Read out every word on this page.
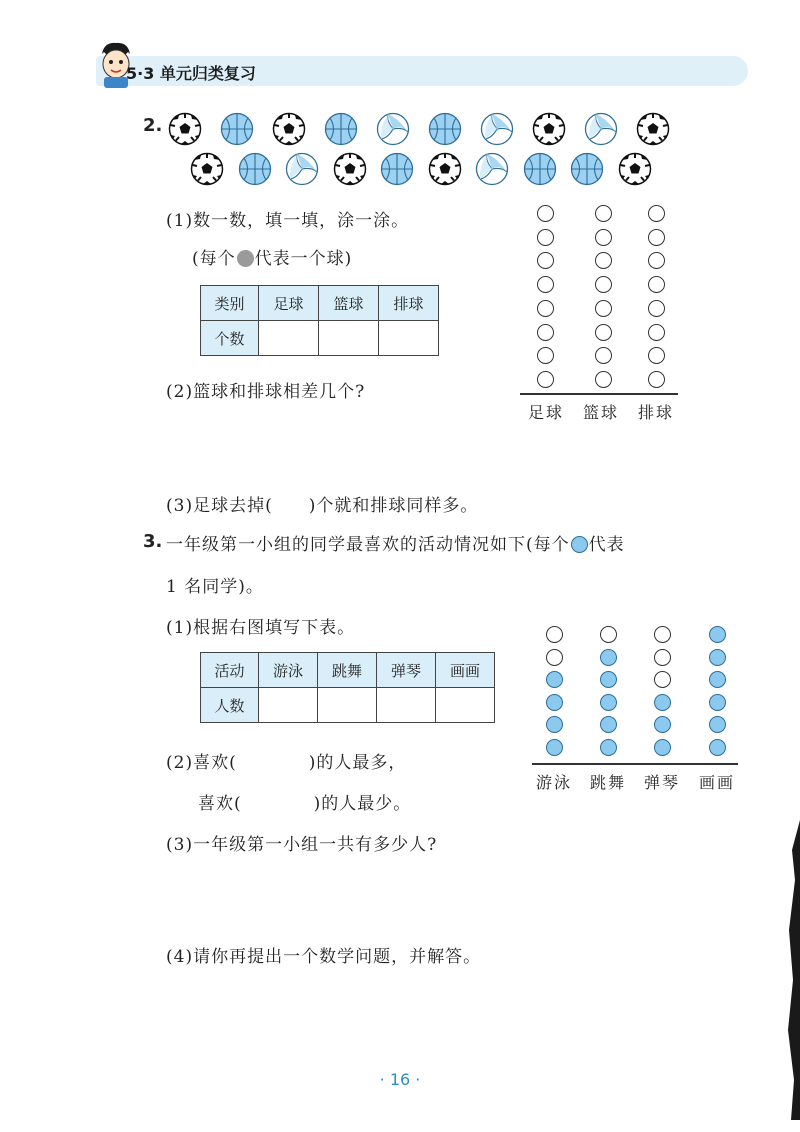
5·3 单元归类复习
2.
(1)数一数，填一填，涂一涂。
(每个 代表一个球)
类别	足球	篮球	排球
个数			
足球	篮球	排球
(2)篮球和排球相差几个?
(3)足球去掉(　　)个就和排球同样多。
3. 一年级第一小组的同学最喜欢的活动情况如下(每个 代表
1 名同学)。
(1)根据右图填写下表。
活动	游泳	跳舞	弹琴	画画
人数				
游泳	跳舞	弹琴	画画
(2)喜欢(　　　　)的人最多，
喜欢(　　　　)的人最少。
(3)一年级第一小组一共有多少人?
(4)请你再提出一个数学问题，并解答。
· 16 ·
